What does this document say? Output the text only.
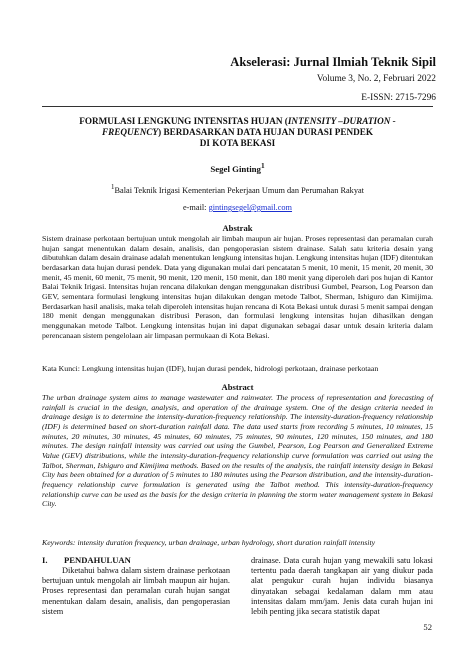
Akselerasi: Jurnal Ilmiah Teknik Sipil
Volume 3, No. 2, Februari 2022
E-ISSN: 2715-7296
FORMULASI LENGKUNG INTENSITAS HUJAN (INTENSITY –DURATION -
FREQUENCY) BERDASARKAN DATA HUJAN DURASI PENDEK
DI KOTA BEKASI
Segel Ginting$^1$
$^1$Balai Teknik Irigasi Kementerian Pekerjaan Umum dan Perumahan Rakyat
e-mail: gintingsegel@gmail.com
Abstrak
Sistem drainase perkotaan bertujuan untuk mengolah air limbah maupun air hujan. Proses representasi dan peramalan curah hujan sangat menentukan dalam desain, analisis, dan pengoperasian sistem drainase. Salah satu kriteria desain yang dibutuhkan dalam desain drainase adalah menentukan lengkung intensitas hujan. Lengkung intensitas hujan (IDF) ditentukan berdasarkan data hujan durasi pendek. Data yang digunakan mulai dari pencatatan 5 menit, 10 menit, 15 menit, 20 menit, 30 menit, 45 menit, 60 menit, 75 menit, 90 menit, 120 menit, 150 menit, dan 180 menit yang diperoleh dari pos hujan di Kantor Balai Teknik Irigasi. Intensitas hujan rencana dilakukan dengan menggunakan distribusi Gumbel, Pearson, Log Pearson dan GEV, sementara formulasi lengkung intensitas hujan dilakukan dengan metode Talbot, Sherman, Ishiguro dan Kimijima. Berdasarkan hasil analisis, maka telah diperoleh intensitas hujan rencana di Kota Bekasi untuk durasi 5 menit sampai dengan 180 menit dengan menggunakan distribusi Perason, dan formulasi lengkung intensitas hujan dihasilkan dengan menggunakan metode Talbot. Lengkung intensitas hujan ini dapat digunakan sebagai dasar untuk desain kriteria dalam perencanaan sistem pengelolaan air limpasan permukaan di Kota Bekasi.
Kata Kunci: Lengkung intensitas hujan (IDF), hujan durasi pendek, hidrologi perkotaan, drainase perkotaan
Abstract
The urban drainage system aims to manage wastewater and rainwater. The process of representation and forecasting of rainfall is crucial in the design, analysis, and operation of the drainage system. One of the design criteria needed in drainage design is to determine the intensity-duration-frequency relationship. The intensity-duration-frequency relationship (IDF) is determined based on short-duration rainfall data. The data used starts from recording 5 minutes, 10 minutes, 15 minutes, 20 minutes, 30 minutes, 45 minutes, 60 minutes, 75 minutes, 90 minutes, 120 minutes, 150 minutes, and 180 minutes. The design rainfall intensity was carried out using the Gumbel, Pearson, Log Pearson and Generalized Extreme Value (GEV) distributions, while the intensity-duration-frequency relationship curve formulation was carried out using the Talbot, Sherman, Ishiguro and Kimijima methods. Based on the results of the analysis, the rainfall intensity design in Bekasi City has been obtained for a duration of 5 minutes to 180 minutes using the Pearson distribution, and the intensity-duration-frequency relationship curve formulation is generated using the Talbot method. This intensity-duration-frequency relationship curve can be used as the basis for the design criteria in planning the storm water management system in Bekasi City.
Keywords: intensity duration frequency, urban drainage, urban hydrology, short duration rainfall intensity
I. PENDAHULUAN
Diketahui bahwa dalam sistem drainase perkotaan bertujuan untuk mengolah air limbah maupun air hujan. Proses representasi dan peramalan curah hujan sangat menentukan dalam desain, analisis, dan pengoperasian sistem
drainase. Data curah hujan yang mewakili satu lokasi tertentu pada daerah tangkapan air yang diukur pada alat pengukur curah hujan individu biasanya dinyatakan sebagai kedalaman dalam mm atau intensitas dalam mm/jam. Jenis data curah hujan ini lebih penting jika secara statistik dapat
52
